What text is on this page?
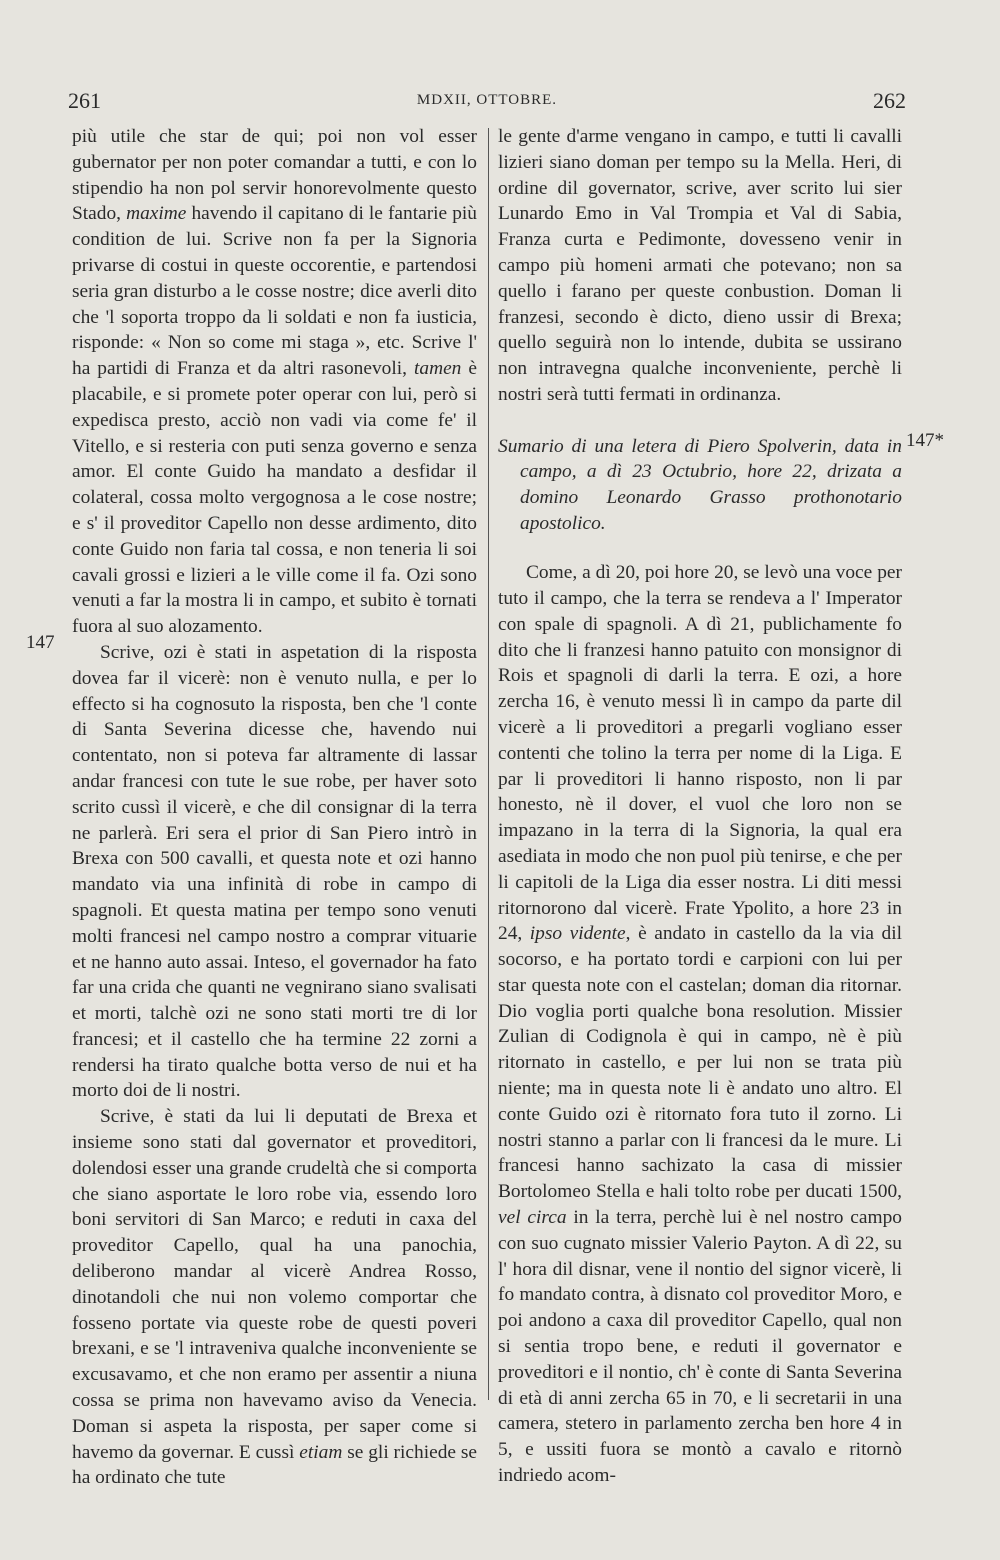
261	MDXII, OTTOBRE.	262
147
147*

più utile che star de qui; poi non vol esser gubernator per non poter comandar a tutti, e con lo stipendio ha non pol servir honorevolmente questo Stado, maxime havendo il capitano di le fantarie più condition de lui. Scrive non fa per la Signoria privarse di costui in queste occorentie, e partendosi seria gran disturbo a le cosse nostre; dice averli dito che 'l soporta troppo da li soldati e non fa iusticia, risponde: « Non so come mi staga », etc. Scrive l' ha partidi di Franza et da altri rasonevoli, tamen è placabile, e si promete poter operar con lui, però si expedisca presto, acciò non vadi via come fe' il Vitello, e si resteria con puti senza governo e senza amor. El conte Guido ha mandato a desfidar il colateral, cossa molto vergognosa a le cose nostre; e s' il proveditor Capello non desse ardimento, dito conte Guido non faria tal cossa, e non teneria li soi cavali grossi e lizieri a le ville come il fa. Ozi sono venuti a far la mostra li in campo, et subito è tornati fuora al suo alozamento.

Scrive, ozi è stati in aspetation di la risposta dovea far il vicerè: non è venuto nulla, e per lo effecto si ha cognosuto la risposta, ben che 'l conte di Santa Severina dicesse che, havendo nui contentato, non si poteva far altramente di lassar andar francesi con tute le sue robe, per haver soto scrito cussì il vicerè, e che dil consignar di la terra ne parlerà. Eri sera el prior di San Piero intrò in Brexa con 500 cavalli, et questa note et ozi hanno mandato via una infinità di robe in campo di spagnoli. Et questa matina per tempo sono venuti molti francesi nel campo nostro a comprar vituarie et ne hanno auto assai. Inteso, el governador ha fato far una crida che quanti ne vegnirano siano svalisati et morti, talchè ozi ne sono stati morti tre di lor francesi; et il castello che ha termine 22 zorni a rendersi ha tirato qualche botta verso de nui et ha morto doi de li nostri.

Scrive, è stati da lui li deputati de Brexa et insieme sono stati dal governator et proveditori, dolendosi esser una grande crudeltà che si comporta che siano asportate le loro robe via, essendo loro boni servitori di San Marco; e reduti in caxa del proveditor Capello, qual ha una panochia, deliberono mandar al vicerè Andrea Rosso, dinotandoli che nui non volemo comportar che fosseno portate via queste robe de questi poveri brexani, e se 'l intraveniva qualche inconveniente se excusavamo, et che non eramo per assentir a niuna cossa se prima non havevamo aviso da Venecia. Doman si aspeta la risposta, per saper come si havemo da governar. E cussì etiam se gli richiede se ha ordinato che tute

le gente d'arme vengano in campo, e tutti li cavalli lizieri siano doman per tempo su la Mella. Heri, di ordine dil governator, scrive, aver scrito lui sier Lunardo Emo in Val Trompia et Val di Sabia, Franza curta e Pedimonte, dovesseno venir in campo più homeni armati che potevano; non sa quello i farano per queste conbustion. Doman li franzesi, secondo è dicto, dieno ussir di Brexa; quello seguirà non lo intende, dubita se ussirano non intravegna qualche inconveniente, perchè li nostri serà tutti fermati in ordinanza.

Sumario di una letera di Piero Spolverin, data in campo, a dì 23 Octubrio, hore 22, drizata a domino Leonardo Grasso prothonotario apostolico.

Come, a dì 20, poi hore 20, se levò una voce per tuto il campo, che la terra se rendeva a l' Imperator con spale di spagnoli. A dì 21, publichamente fo dito che li franzesi hanno patuito con monsignor di Rois et spagnoli di darli la terra. E ozi, a hore zercha 16, è venuto messi lì in campo da parte dil vicerè a li proveditori a pregarli vogliano esser contenti che tolino la terra per nome di la Liga. E par li proveditori li hanno risposto, non li par honesto, nè il dover, el vuol che loro non se impazano in la terra di la Signoria, la qual era asediata in modo che non puol più tenirse, e che per li capitoli de la Liga dia esser nostra. Li diti messi ritornorono dal vicerè. Frate Ypolito, a hore 23 in 24, ipso vidente, è andato in castello da la via dil socorso, e ha portato tordi e carpioni con lui per star questa note con el castelan; doman dia ritornar. Dio voglia porti qualche bona resolution. Missier Zulian di Codignola è qui in campo, nè è più ritornato in castello, e per lui non se trata più niente; ma in questa note li è andato uno altro. El conte Guido ozi è ritornato fora tuto il zorno. Li nostri stanno a parlar con li francesi da le mure. Li francesi hanno sachizato la casa di missier Bortolomeo Stella e hali tolto robe per ducati 1500, vel circa in la terra, perchè lui è nel nostro campo con suo cugnato missier Valerio Payton. A dì 22, su l' hora dil disnar, vene il nontio del signor vicerè, li fo mandato contra, à disnato col proveditor Moro, e poi andono a caxa dil proveditor Capello, qual non si sentia tropo bene, e reduti il governator e proveditori e il nontio, ch' è conte di Santa Severina di età di anni zercha 65 in 70, e li secretarii in una camera, stetero in parlamento zercha ben hore 4 in 5, e ussiti fuora se montò a cavalo e ritornò indriedo acom-
